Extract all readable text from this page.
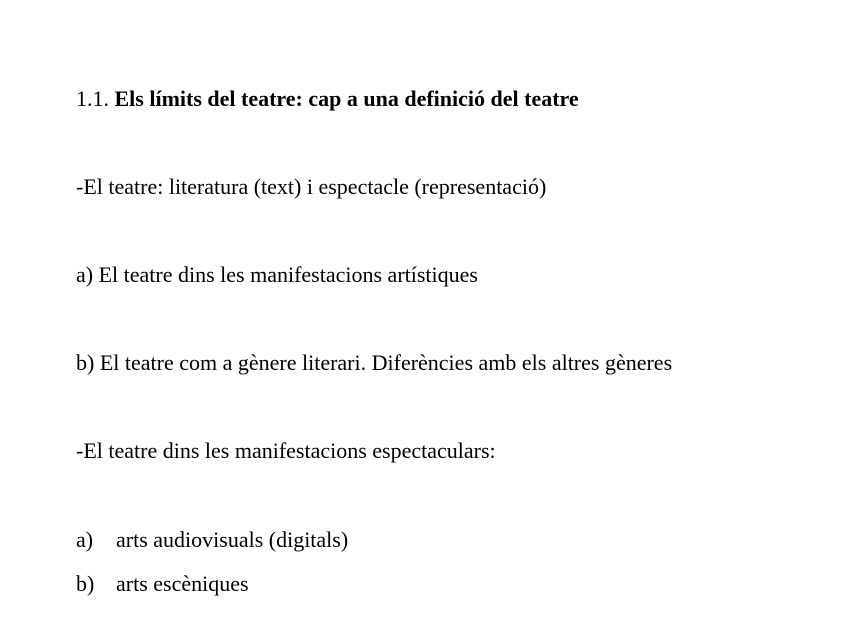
1.1. Els límits del teatre: cap a una definició del teatre
-El teatre: literatura (text) i espectacle (representació)
a) El teatre dins les manifestacions artístiques
b) El teatre com a gènere literari. Diferències amb els altres gèneres
-El teatre dins les manifestacions espectaculars:
a) arts audiovisuals (digitals)
b) arts escèniques
